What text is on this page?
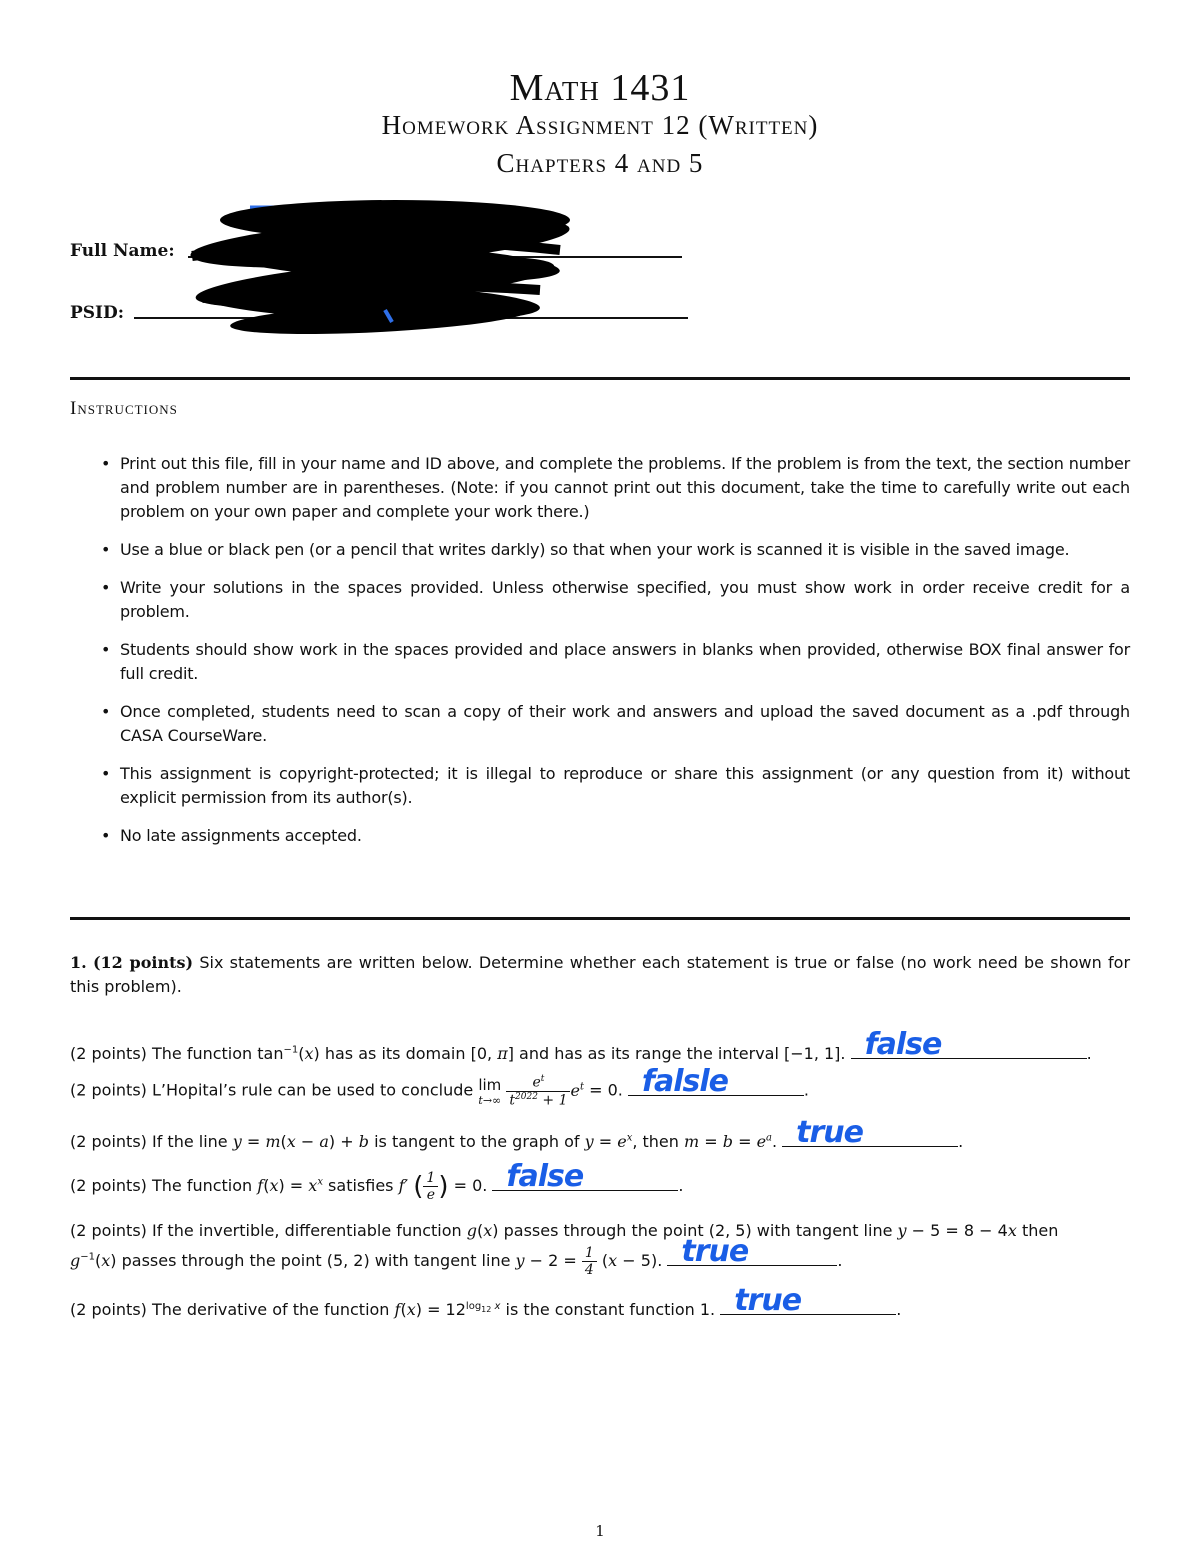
Math 1431
Homework Assignment 12 (Written)
Chapters 4 and 5
Full Name:
PSID:
Instructions
• Print out this file, fill in your name and ID above, and complete the problems. If the problem is from the text, the section number and problem number are in parentheses. (Note: if you cannot print out this document, take the time to carefully write out each problem on your own paper and complete your work there.)
• Use a blue or black pen (or a pencil that writes darkly) so that when your work is scanned it is visible in the saved image.
• Write your solutions in the spaces provided. Unless otherwise specified, you must show work in order receive credit for a problem.
• Students should show work in the spaces provided and place answers in blanks when provided, otherwise BOX final answer for full credit.
• Once completed, students need to scan a copy of their work and answers and upload the saved document as a .pdf through CASA CourseWare.
• This assignment is copyright-protected; it is illegal to reproduce or share this assignment (or any question from it) without explicit permission from its author(s).
• No late assignments accepted.
1. (12 points) Six statements are written below. Determine whether each statement is true or false (no work need be shown for this problem).
(2 points) The function $\tan^{-1}(x)$ has as its domain [0, π] and has as its range the interval [−1, 1]. false	.
(2 points) L’Hopital’s rule can be used to conclude lim
t→∞
$\frac{e^t}{t^{2022} + 1} e^t = 0$. falsle	.
(2 points) If the line y = m(x − a) + b is tangent to the graph of $y = e^x$, then $m = b = e^a$. true	.
(2 points) The function $f(x) = x^x$ satisfies f′ ( $\frac{1}{e}$ ) = 0. false	.
(2 points) If the invertible, differentiable function g(x) passes through the point (2, 5) with tangent line y − 5 = 8 − 4x then
$g^{-1}(x)$ passes through the point (5, 2) with tangent line $y - 2 = \frac{1}{4} (x - 5)$. true	.
(2 points) The derivative of the function $f(x) = 12^{log_{12} x}$ is the constant function 1. true	.
1
